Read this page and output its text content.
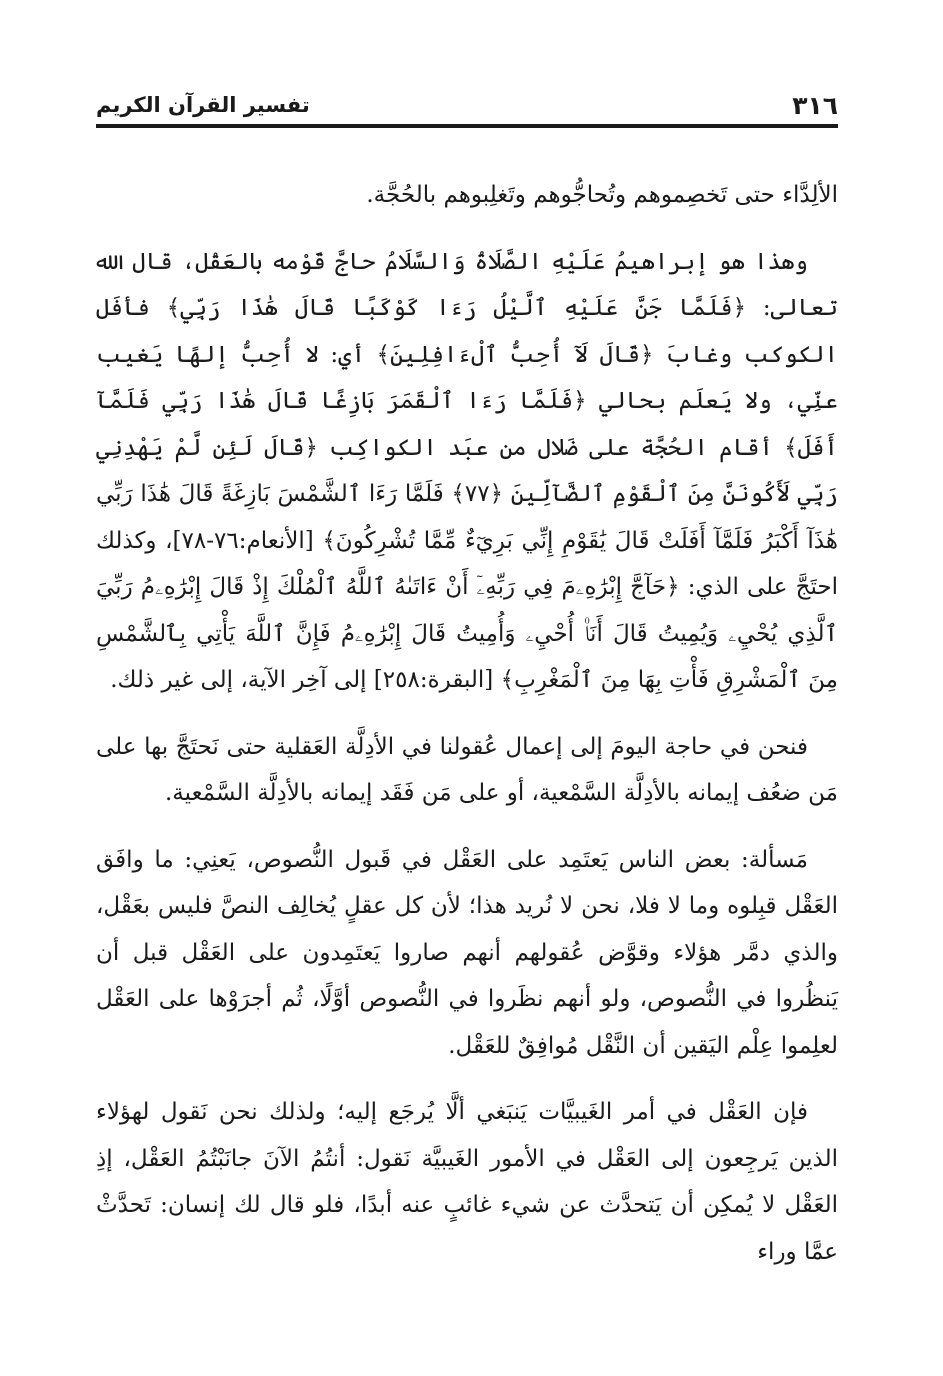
٣١٦
تفسير القرآن الكريم

الألِدَّاء حتى تَخصِموهم وتُحاجُّوهم وتَغلِبوهم بالحُجَّة.

وهذا هو إبراهيمُ عَلَيْهِ الصَّلَاةُ وَالسَّلَامُ حاجَّ قَوْمه بالعَقْل، قال الله تعالى: ﴿فَلَمَّا جَنَّ عَلَيْهِ ٱلَّيْلُ رَءَا كَوْكَبًا قَالَ هَٰذَا رَبِّي﴾ فأفَل الكوكب وغابَ ﴿قَالَ لَآ أُحِبُّ ٱلْءَافِلِينَ﴾ أي: لا أُحِبُّ إلهًا يَغيب عنِّي، ولا يَعلَم بحالي ﴿فَلَمَّا رَءَا ٱلْقَمَرَ بَازِغًا قَالَ هَٰذَا رَبِّي فَلَمَّآ أَفَلَ﴾ أقام الحُجَّة على ضَلال من عبَد الكواكِب ﴿قَالَ لَئِن لَّمْ يَهْدِنِي رَبِّي لَأَكُونَنَّ مِنَ ٱلْقَوْمِ ٱلضَّآلِّينَ ﴿٧٧﴾ فَلَمَّا رَءَا ٱلشَّمْسَ بَازِغَةً قَالَ هَٰذَا رَبِّي هَٰذَآ أَكْبَرُ فَلَمَّآ أَفَلَتْ قَالَ يَٰقَوْمِ إِنِّي بَرِيٓءٌ مِّمَّا تُشْرِكُونَ﴾ [الأنعام:٧٦-٧٨]، وكذلك احتَجَّ على الذي: ﴿حَآجَّ إِبْرَٰهِۦمَ فِي رَبِّهِۦٓ أَنْ ءَاتَىٰهُ ٱللَّهُ ٱلْمُلْكَ إِذْ قَالَ إِبْرَٰهِۦمُ رَبِّيَ ٱلَّذِي يُحْيِۦ وَيُمِيتُ قَالَ أَنَا۠ أُحْيِۦ وَأُمِيتُ قَالَ إِبْرَٰهِۦمُ فَإِنَّ ٱللَّهَ يَأْتِي بِٱلشَّمْسِ مِنَ ٱلْمَشْرِقِ فَأْتِ بِهَا مِنَ ٱلْمَغْرِبِ﴾ [البقرة:٢٥٨] إلى آخِر الآية، إلى غير ذلك.

فنحن في حاجة اليومَ إلى إعمال عُقولنا في الأدِلَّة العَقلية حتى نَحتَجَّ بها على مَن ضعُف إيمانه بالأدِلَّة السَّمْعية، أو على مَن فَقَد إيمانه بالأدِلَّة السَّمْعية.

مَسألة: بعض الناس يَعتَمِد على العَقْل في قَبول النُّصوص، يَعنِي: ما وافَق العَقْل قبِلوه وما لا فلا، نحن لا نُريد هذا؛ لأن كل عقلٍ يُخالِف النصَّ فليس بعَقْل، والذي دمَّر هؤلاء وقوَّض عُقولهم أنهم صاروا يَعتَمِدون على العَقْل قبل أن يَنظُروا في النُّصوص، ولو أنهم نظَروا في النُّصوص أوَّلًا، ثُم أجرَوْها على العَقْل لعلِموا عِلْم اليَقين أن النَّقْل مُوافِقٌ للعَقْل.

فإن العَقْل في أمر الغَيبيَّات يَنبَغي ألَّا يُرجَع إليه؛ ولذلك نحن نَقول لهؤلاء الذين يَرجِعون إلى العَقْل في الأمور الغَيبيَّة نَقول: أنتُمُ الآنَ جانَبْتُمُ العَقْل، إذِ العَقْل لا يُمكِن أن يَتحدَّث عن شيء غائبٍ عنه أبدًا، فلو قال لك إنسان: تَحدَّثْ عمَّا وراء
